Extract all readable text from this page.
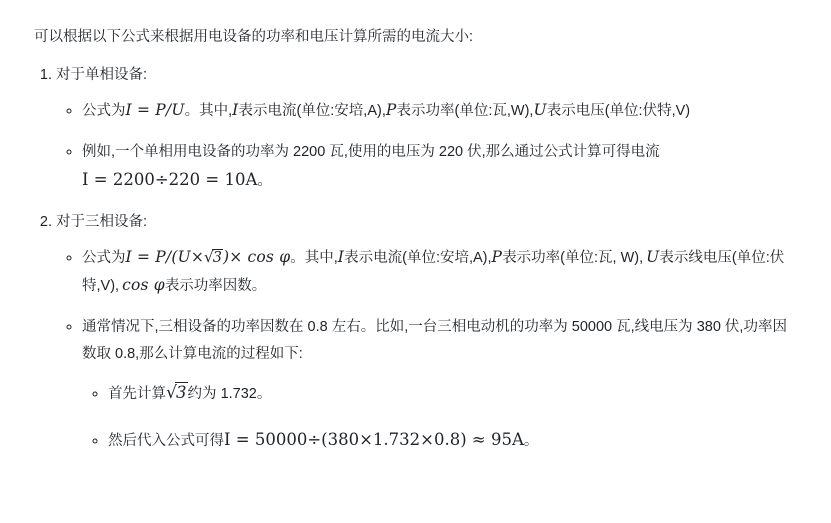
可以根据以下公式来根据用电设备的功率和电压计算所需的电流大小:

1. 对于单相设备:
◦ 公式为I = P/U。其中,I表示电流(单位:安培,A),P表示功率(单位:瓦,W),U表示电压(单位:伏特,V)
◦ 例如,一个单相用电设备的功率为 2200 瓦,使用的电压为 220 伏,那么通过公式计算可得电流 I = 2200÷220 = 10A。
2. 对于三相设备:
◦ 公式为I = P/(U×√3)× cos φ。其中,I表示电流(单位:安培,A),P表示功率(单位:瓦, W), U表示线电压(单位:伏特,V), cos φ表示功率因数。
◦ 通常情况下,三相设备的功率因数在 0.8 左右。比如,一台三相电动机的功率为 50000 瓦,线电压为 380 伏,功率因数取 0.8,那么计算电流的过程如下:
◦ 首先计算√3约为 1.732。
◦ 然后代入公式可得I = 50000÷(380×1.732×0.8) ≈ 95A。
